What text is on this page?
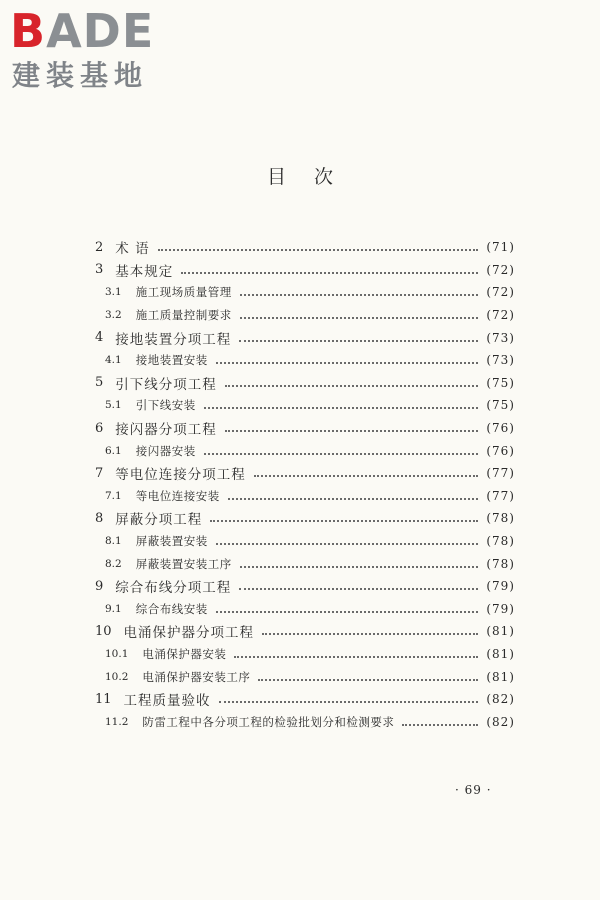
BADE
建装基地
目次
2 术 语	(71)
3 基本规定	(72)
3.1 施工现场质量管理	(72)
3.2 施工质量控制要求	(72)
4 接地装置分项工程	(73)
4.1 接地装置安装	(73)
5 引下线分项工程	(75)
5.1 引下线安装	(75)
6 接闪器分项工程	(76)
6.1 接闪器安装	(76)
7 等电位连接分项工程	(77)
7.1 等电位连接安装	(77)
8 屏蔽分项工程	(78)
8.1 屏蔽装置安装	(78)
8.2 屏蔽装置安装工序	(78)
9 综合布线分项工程	(79)
9.1 综合布线安装	(79)
10 电涌保护器分项工程	(81)
10.1 电涌保护器安装	(81)
10.2 电涌保护器安装工序	(81)
11 工程质量验收	(82)
11.2 防雷工程中各分项工程的检验批划分和检测要求	(82)
· 69 ·
